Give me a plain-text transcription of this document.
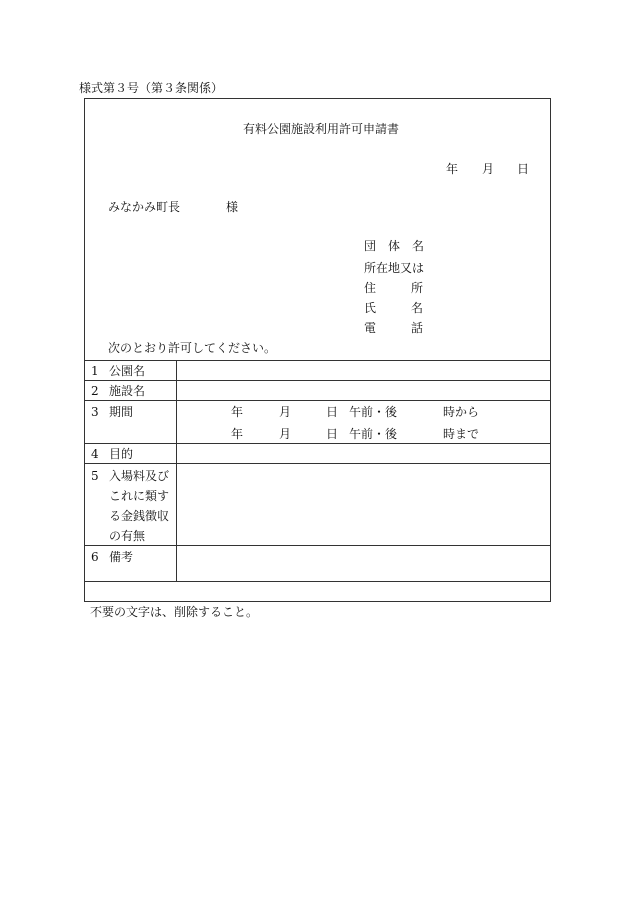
様式第３号（第３条関係）
有料公園施設利用許可申請書
年 月 日
みなかみ町長	様
団　体　名
所在地又は
住	所
氏	名
電	話
次のとおり許可してください。
1 公園名
2 施設名
3 期間	年	月	日 午前・後	時から
年	月	日 午前・後	時まで
4 目的
5 入場料及び
これに類す
る金銭徴収
の有無
6 備考
不要の文字は、削除すること。
